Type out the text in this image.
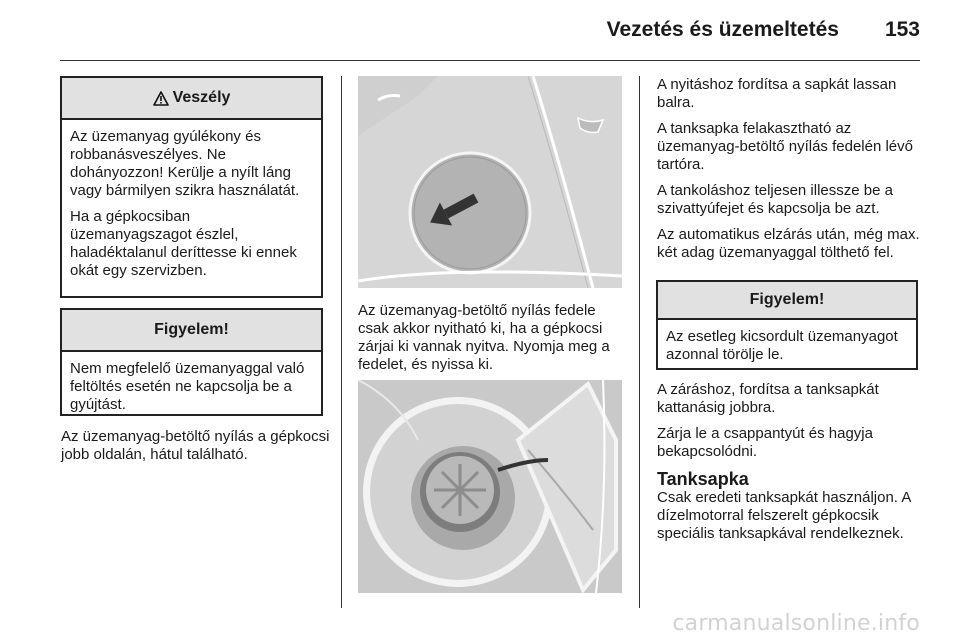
Vezetés és üzemeltetés 153
Veszély

Az üzemanyag gyúlékony és robbanásveszélyes. Ne dohányozzon! Kerülje a nyílt láng vagy bármilyen szikra használatát.

Ha a gépkocsiban üzemanyagszagot észlel, haladéktalanul deríttesse ki ennek okát egy szervizben.

Figyelem!

Nem megfelelő üzemanyaggal való feltöltés esetén ne kapcsolja be a gyújtást.

Az üzemanyag-betöltő nyílás a gépkocsi jobb oldalán, hátul található.

Az üzemanyag-betöltő nyílás fedele csak akkor nyitható ki, ha a gépkocsi zárjai ki vannak nyitva. Nyomja meg a fedelet, és nyissa ki.

A nyitáshoz fordítsa a sapkát lassan balra.

A tanksapka felakasztható az üzemanyag-betöltő nyílás fedelén lévő tartóra.

A tankoláshoz teljesen illessze be a szivattyúfejet és kapcsolja be azt.

Az automatikus elzárás után, még max. két adag üzemanyaggal tölthető fel.

Figyelem!

Az esetleg kicsordult üzemanyagot azonnal törölje le.

A záráshoz, fordítsa a tanksapkát kattanásig jobbra.

Zárja le a csappantyút és hagyja bekapcsolódni.

Tanksapka

Csak eredeti tanksapkát használjon. A dízelmotorral felszerelt gépkocsik speciális tanksapkával rendelkeznek.

carmanualsonline.info
